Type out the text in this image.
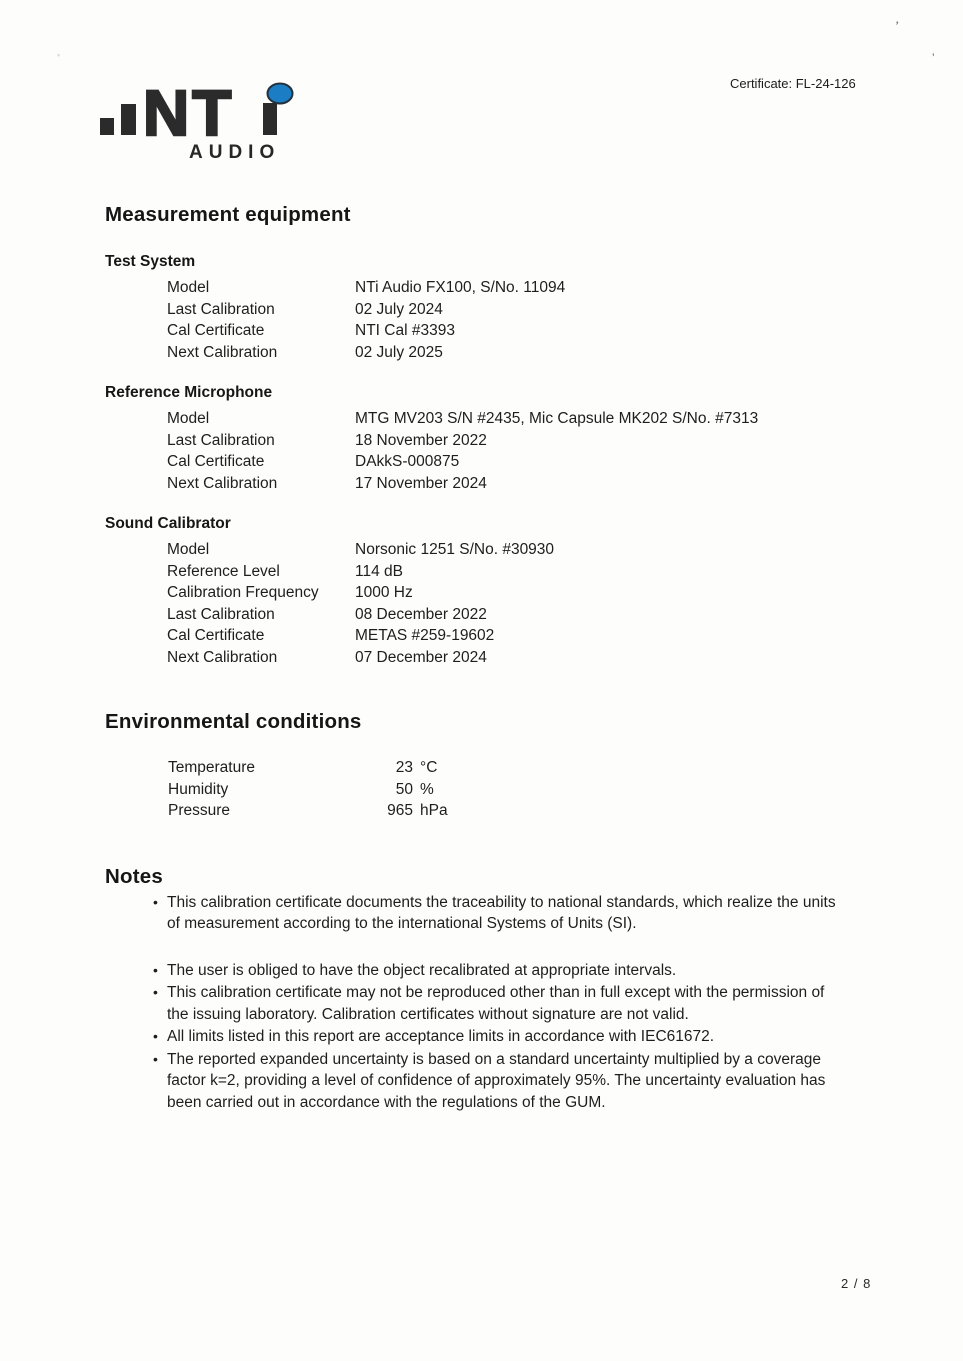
’
’
•
NT
AUDIO
Certificate: FL-24-126
Measurement equipment
Test System
Model	NTi Audio FX100, S/No. 11094
Last Calibration	02 July 2024
Cal Certificate	NTI Cal #3393
Next Calibration	02 July 2025
Reference Microphone
Model	MTG MV203 S/N #2435, Mic Capsule MK202 S/No. #7313
Last Calibration	18 November 2022
Cal Certificate	DAkkS-000875
Next Calibration	17 November 2024
Sound Calibrator
Model	Norsonic 1251 S/No. #30930
Reference Level	114 dB
Calibration Frequency	1000 Hz
Last Calibration	08 December 2022
Cal Certificate	METAS #259-19602
Next Calibration	07 December 2024
Environmental conditions
Temperature	23 °C
Humidity	50 %
Pressure	965 hPa
Notes
• This calibration certificate documents the traceability to national standards, which realize the units of measurement according to the international Systems of Units (SI).
• The user is obliged to have the object recalibrated at appropriate intervals.
• This calibration certificate may not be reproduced other than in full except with the permission of the issuing laboratory. Calibration certificates without signature are not valid.
• All limits listed in this report are acceptance limits in accordance with IEC61672.
• The reported expanded uncertainty is based on a standard uncertainty multiplied by a coverage factor k=2, providing a level of confidence of approximately 95%. The uncertainty evaluation has been carried out in accordance with the regulations of the GUM.
2 / 8
